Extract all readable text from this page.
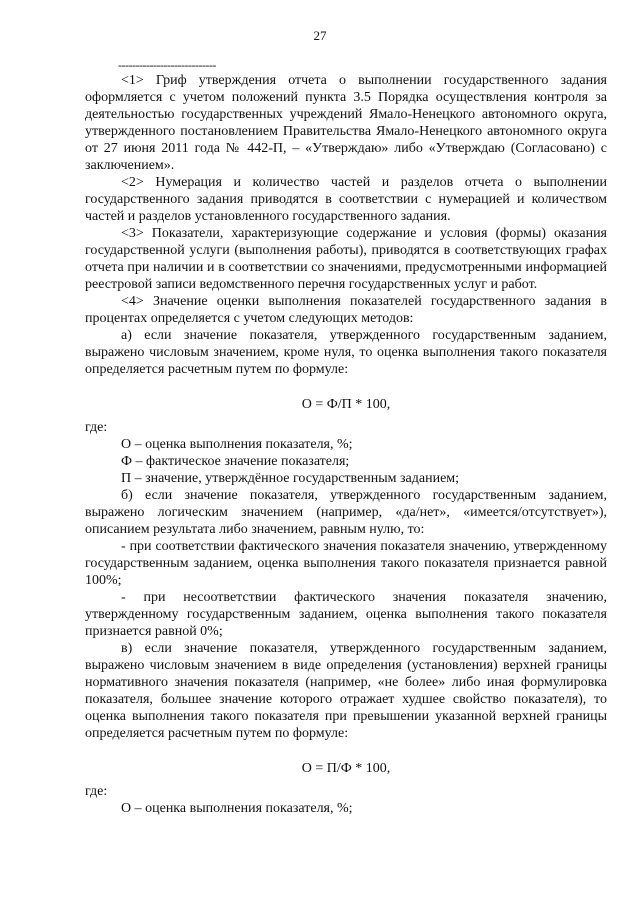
27
----------------------------

<1> Гриф утверждения отчета о выполнении государственного задания оформляется с учетом положений пункта 3.5 Порядка осуществления контроля за деятельностью государственных учреждений Ямало-Ненецкого автономного округа, утвержденного постановлением Правительства Ямало-Ненецкого автономного округа от 27 июня 2011 года № 442-П, – «Утверждаю» либо «Утверждаю (Согласовано) с заключением».

<2> Нумерация и количество частей и разделов отчета о выполнении государственного задания приводятся в соответствии с нумерацией и количеством частей и разделов установленного государственного задания.

<3> Показатели, характеризующие содержание и условия (формы) оказания государственной услуги (выполнения работы), приводятся в соответствующих графах отчета при наличии и в соответствии со значениями, предусмотренными информацией реестровой записи ведомственного перечня государственных услуг и работ.

<4> Значение оценки выполнения показателей государственного задания в процентах определяется с учетом следующих методов:

а) если значение показателя, утвержденного государственным заданием, выражено числовым значением, кроме нуля, то оценка выполнения такого показателя определяется расчетным путем по формуле:

О = Ф/П * 100,

где:

О – оценка выполнения показателя, %;

Ф – фактическое значение показателя;

П – значение, утверждённое государственным заданием;

б) если значение показателя, утвержденного государственным заданием, выражено логическим значением (например, «да/нет», «имеется/отсутствует»), описанием результата либо значением, равным нулю, то:

- при соответствии фактического значения показателя значению, утвержденному государственным заданием, оценка выполнения такого показателя признается равной 100%;

- при несоответствии фактического значения показателя значению, утвержденному государственным заданием, оценка выполнения такого показателя признается равной 0%;

в) если значение показателя, утвержденного государственным заданием, выражено числовым значением в виде определения (установления) верхней границы нормативного значения показателя (например, «не более» либо иная формулировка показателя, большее значение которого отражает худшее свойство показателя), то оценка выполнения такого показателя при превышении указанной верхней границы определяется расчетным путем по формуле:

О = П/Ф * 100,

где:

О – оценка выполнения показателя, %;
